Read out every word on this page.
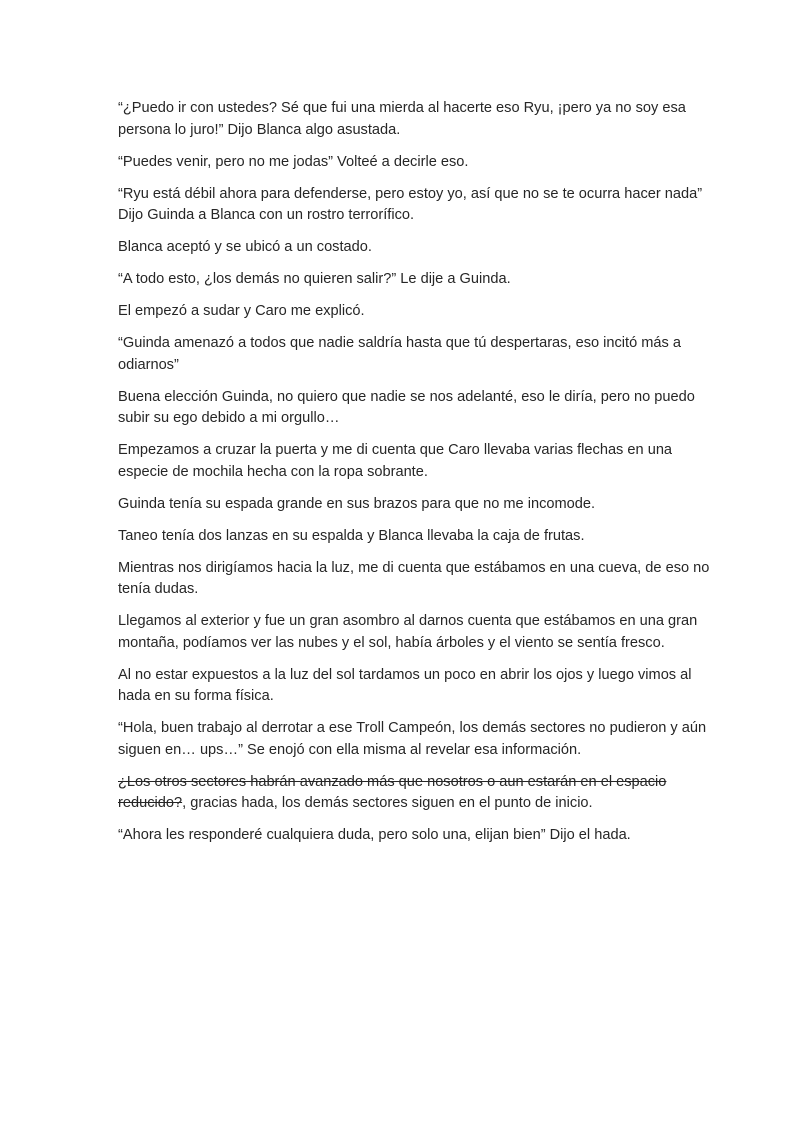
“¿Puedo ir con ustedes? Sé que fui una mierda al hacerte eso Ryu, ¡pero ya no soy esa persona lo juro!” Dijo Blanca algo asustada.

“Puedes venir, pero no me jodas” Volteé a decirle eso.

“Ryu está débil ahora para defenderse, pero estoy yo, así que no se te ocurra hacer nada” Dijo Guinda a Blanca con un rostro terrorífico.

Blanca aceptó y se ubicó a un costado.

“A todo esto, ¿los demás no quieren salir?” Le dije a Guinda.

El empezó a sudar y Caro me explicó.

“Guinda amenazó a todos que nadie saldría hasta que tú despertaras, eso incitó más a odiarnos”

Buena elección Guinda, no quiero que nadie se nos adelanté, eso le diría, pero no puedo subir su ego debido a mi orgullo…

Empezamos a cruzar la puerta y me di cuenta que Caro llevaba varias flechas en una especie de mochila hecha con la ropa sobrante.

Guinda tenía su espada grande en sus brazos para que no me incomode.

Taneo tenía dos lanzas en su espalda y Blanca llevaba la caja de frutas.

Mientras nos dirigíamos hacia la luz, me di cuenta que estábamos en una cueva, de eso no tenía dudas.

Llegamos al exterior y fue un gran asombro al darnos cuenta que estábamos en una gran montaña, podíamos ver las nubes y el sol, había árboles y el viento se sentía fresco.

Al no estar expuestos a la luz del sol tardamos un poco en abrir los ojos y luego vimos al hada en su forma física.

“Hola, buen trabajo al derrotar a ese Troll Campeón, los demás sectores no pudieron y aún siguen en… ups…” Se enojó con ella misma al revelar esa información.

¿Los otros sectores habrán avanzado más que nosotros o aun estarán en el espacio reducido?, gracias hada, los demás sectores siguen en el punto de inicio.

“Ahora les responderé cualquiera duda, pero solo una, elijan bien” Dijo el hada.
